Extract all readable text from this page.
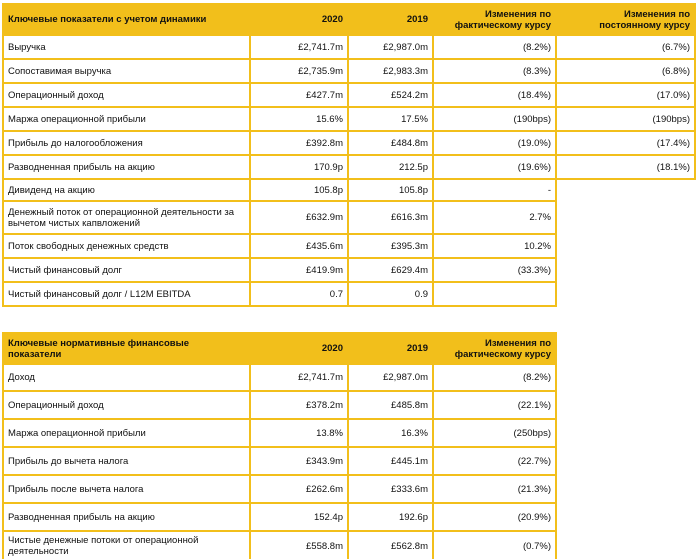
Ключевые показатели с учетом динамики	2020	2019	Изменения по фактическому курсу	Изменения по постоянному курсу
Выручка	£2,741.7m	£2,987.0m	(8.2%)	(6.7%)
Сопоставимая выручка	£2,735.9m	£2,983.3m	(8.3%)	(6.8%)
Операционный доход	£427.7m	£524.2m	(18.4%)	(17.0%)
Маржа операционной прибыли	15.6%	17.5%	(190bps)	(190bps)
Прибыль до налогообложения	£392.8m	£484.8m	(19.0%)	(17.4%)
Разводненная прибыль на акцию	170.9p	212.5p	(19.6%)	(18.1%)
Дивиденд на акцию	105.8p	105.8p	-	
Денежный поток от операционной деятельности за вычетом чистых капвложений	£632.9m	£616.3m	2.7%	
Поток свободных денежных средств	£435.6m	£395.3m	10.2%	
Чистый финансовый долг	£419.9m	£629.4m	(33.3%)	
Чистый финансовый долг / L12M EBITDA	0.7	0.9		
Ключевые нормативные финансовые показатели	2020	2019	Изменения по фактическому курсу
Доход	£2,741.7m	£2,987.0m	(8.2%)
Операционный доход	£378.2m	£485.8m	(22.1%)
Маржа операционной прибыли	13.8%	16.3%	(250bps)
Прибыль до вычета налога	£343.9m	£445.1m	(22.7%)
Прибыль после вычета налога	£262.6m	£333.6m	(21.3%)
Разводненная прибыль на акцию	152.4p	192.6p	(20.9%)
Чистые денежные потоки от операционной деятельности	£558.8m	£562.8m	(0.7%)
